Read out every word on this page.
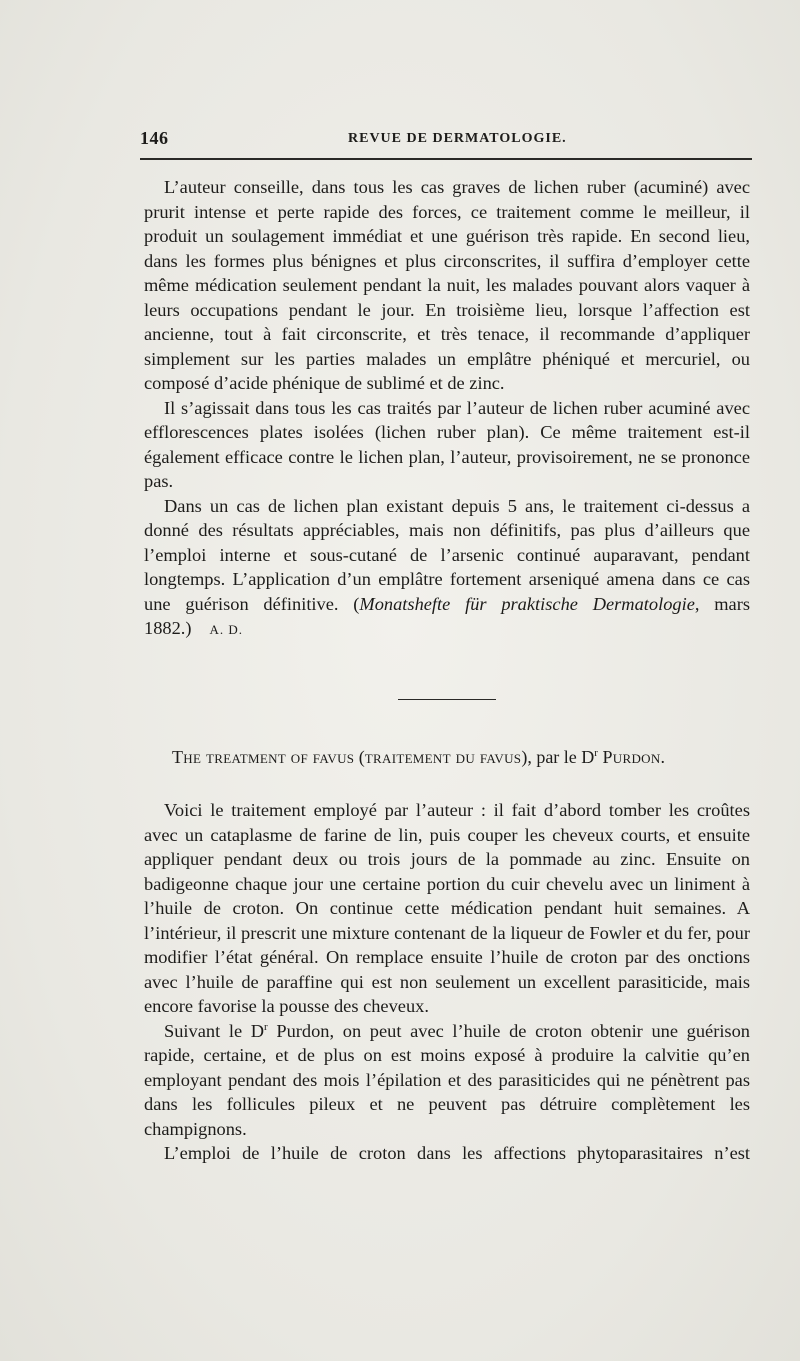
146	REVUE DE DERMATOLOGIE.

L’auteur conseille, dans tous les cas graves de lichen ruber (acuminé) avec prurit intense et perte rapide des forces, ce traitement comme le meilleur, il produit un soulagement immédiat et une guérison très rapide. En second lieu, dans les formes plus bénignes et plus circonscrites, il suffira d’employer cette même médication seulement pendant la nuit, les malades pouvant alors vaquer à leurs occupations pendant le jour. En troisième lieu, lorsque l’affection est ancienne, tout à fait circonscrite, et très tenace, il recommande d’appliquer simplement sur les parties malades un emplâtre phéniqué et mercuriel, ou composé d’acide phénique de sublimé et de zinc.

Il s’agissait dans tous les cas traités par l’auteur de lichen ruber acuminé avec efflorescences plates isolées (lichen ruber plan). Ce même traitement est-il également efficace contre le lichen plan, l’auteur, provisoirement, ne se prononce pas.

Dans un cas de lichen plan existant depuis 5 ans, le traitement ci-dessus a donné des résultats appréciables, mais non définitifs, pas plus d’ailleurs que l’emploi interne et sous-cutané de l’arsenic continué auparavant, pendant longtemps. L’application d’un emplâtre fortement arseniqué amena dans ce cas une guérison définitive. (Monatshefte für praktische Dermatologie, mars 1882.) A. D.

The treatment of favus (traitement du favus), par le $D^r$ Purdon.

Voici le traitement employé par l’auteur : il fait d’abord tomber les croûtes avec un cataplasme de farine de lin, puis couper les cheveux courts, et ensuite appliquer pendant deux ou trois jours de la pommade au zinc. Ensuite on badigeonne chaque jour une certaine portion du cuir chevelu avec un liniment à l’huile de croton. On continue cette médication pendant huit semaines. A l’intérieur, il prescrit une mixture contenant de la liqueur de Fowler et du fer, pour modifier l’état général. On remplace ensuite l’huile de croton par des onctions avec l’huile de paraffine qui est non seulement un excellent parasiticide, mais encore favorise la pousse des cheveux.

Suivant le $D^r$ Purdon, on peut avec l’huile de croton obtenir une guérison rapide, certaine, et de plus on est moins exposé à produire la calvitie qu’en employant pendant des mois l’épilation et des parasiticides qui ne pénètrent pas dans les follicules pileux et ne peuvent pas détruire complètement les champignons.

L’emploi de l’huile de croton dans les affections phytoparasitaires n’est
